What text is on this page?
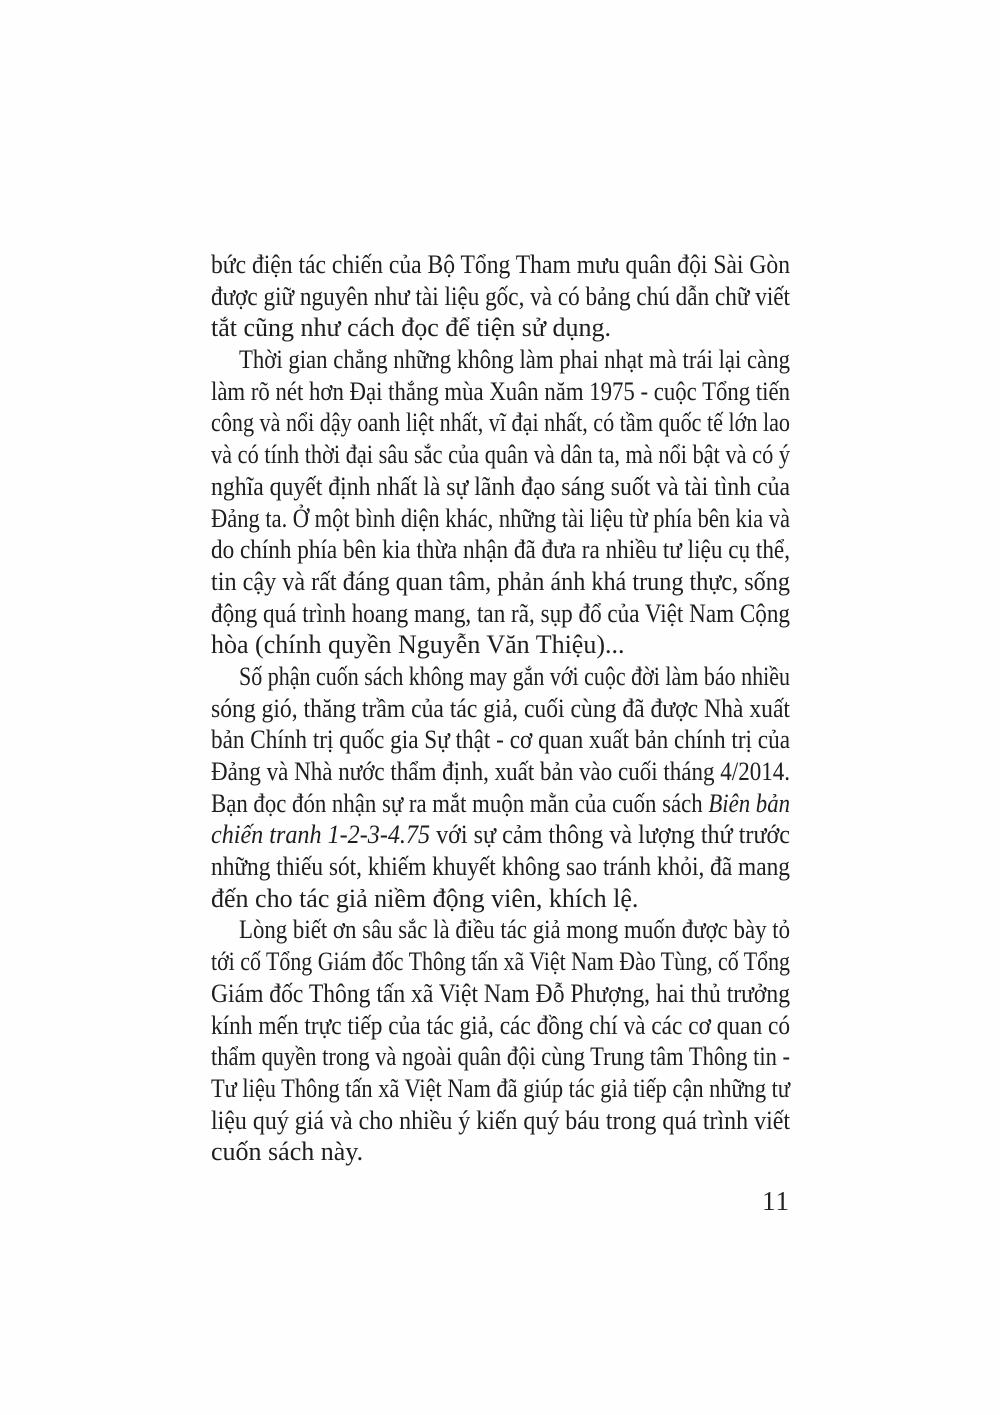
bức điện tác chiến của Bộ Tổng Tham mưu quân đội Sài Gòn
được giữ nguyên như tài liệu gốc, và có bảng chú dẫn chữ viết
tắt cũng như cách đọc để tiện sử dụng.
Thời gian chẳng những không làm phai nhạt mà trái lại càng
làm rõ nét hơn Đại thắng mùa Xuân năm 1975 - cuộc Tổng tiến
công và nổi dậy oanh liệt nhất, vĩ đại nhất, có tầm quốc tế lớn lao
và có tính thời đại sâu sắc của quân và dân ta, mà nổi bật và có ý
nghĩa quyết định nhất là sự lãnh đạo sáng suốt và tài tình của
Đảng ta. Ở một bình diện khác, những tài liệu từ phía bên kia và
do chính phía bên kia thừa nhận đã đưa ra nhiều tư liệu cụ thể,
tin cậy và rất đáng quan tâm, phản ánh khá trung thực, sống
động quá trình hoang mang, tan rã, sụp đổ của Việt Nam Cộng
hòa (chính quyền Nguyễn Văn Thiệu)...
Số phận cuốn sách không may gắn với cuộc đời làm báo nhiều
sóng gió, thăng trầm của tác giả, cuối cùng đã được Nhà xuất
bản Chính trị quốc gia Sự thật - cơ quan xuất bản chính trị của
Đảng và Nhà nước thẩm định, xuất bản vào cuối tháng 4/2014.
Bạn đọc đón nhận sự ra mắt muộn mằn của cuốn sách Biên bản
chiến tranh 1-2-3-4.75 với sự cảm thông và lượng thứ trước
những thiếu sót, khiếm khuyết không sao tránh khỏi, đã mang
đến cho tác giả niềm động viên, khích lệ.
Lòng biết ơn sâu sắc là điều tác giả mong muốn được bày tỏ
tới cố Tổng Giám đốc Thông tấn xã Việt Nam Đào Tùng, cố Tổng
Giám đốc Thông tấn xã Việt Nam Đỗ Phượng, hai thủ trưởng
kính mến trực tiếp của tác giả, các đồng chí và các cơ quan có
thẩm quyền trong và ngoài quân đội cùng Trung tâm Thông tin -
Tư liệu Thông tấn xã Việt Nam đã giúp tác giả tiếp cận những tư
liệu quý giá và cho nhiều ý kiến quý báu trong quá trình viết
cuốn sách này.
11
